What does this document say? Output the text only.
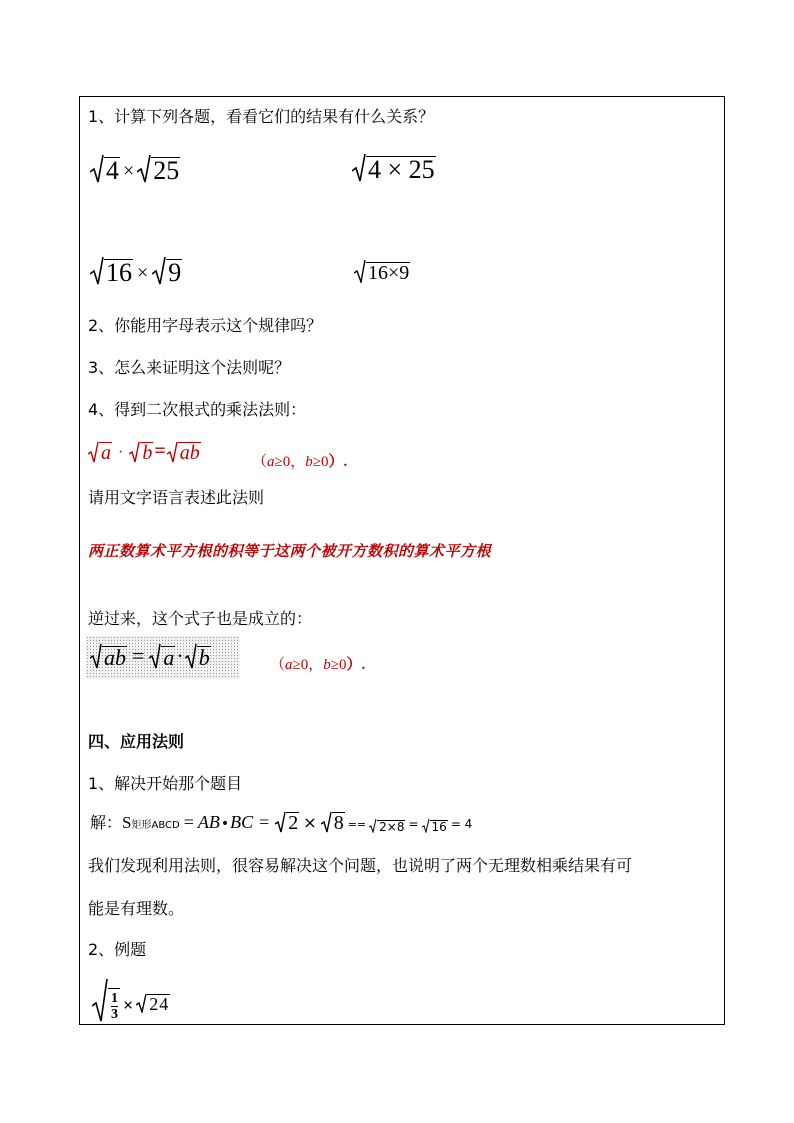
1、计算下列各题，看看它们的结果有什么关系？
4 × 25	4 × 25
16 × 9	16×9
2、你能用字母表示这个规律吗？
3、怎么来证明这个法则呢？
4、得到二次根式的乘法法则：
a · b = ab	（a≥0，b≥0）.
请用文字语言表述此法则
两正数算术平方根的积等于这两个被开方数积的算术平方根
逆过来，这个式子也是成立的：
ab = a · b	（a≥0，b≥0）.
四、应用法则
1、解决开始那个题目
解：S矩形ABCD = AB•BC = 2 × 8 == 2×8 = 16 = 4
我们发现利用法则，很容易解决这个问题，也说明了两个无理数相乘结果有可
能是有理数。
2、例题
$\frac{1}{3} \times 24$
